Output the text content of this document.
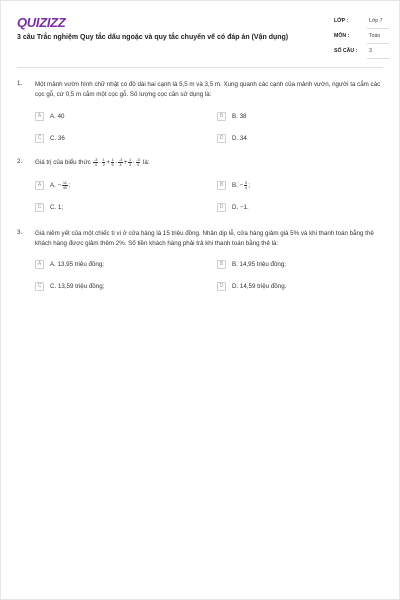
QUIZIZZ
3 câu Trắc nghiệm Quy tắc dấu ngoặc và quy tắc chuyển vế có đáp án (Vận dụng)
LỚP :	Lớp 7
MÔN :	Toán
SỐ CÂU :	3
1. Một mảnh vườn hình chữ nhật có độ dài hai cạnh là 5,5 m và 3,5 m. Xung quanh các cạnh của mảnh vườn, người ta cắm các cọc gỗ, cứ 0,5 m cắm một cọc gỗ. Số lượng cọc cần sử dụng là:
A	A. 40	B	B. 38
C	C. 36	D	D. 34
2. Giá trị của biểu thức $\frac{-3}{4} \cdot \frac{1}{2} + \frac{1}{6} \cdot \frac{-3}{4} + \frac{1}{3} \cdot \frac{-3}{4}$ là:
A	A. − $\frac{11}{40}$ ;	B	B. − $\frac{3}{4}$ ;
C	C. 1;	D	D. −1.
3. Giá niêm yết của một chiếc tí vi ở cửa hàng là 15 triệu đồng. Nhân dịp lễ, cửa hàng giảm giá 5% và khi thanh toán bằng thẻ khách hàng được giảm thêm 2%. Số tiền khách hàng phải trả khi thanh toán bằng thẻ là:
A	A. 13,95 triệu đồng;	B	B. 14,95 triệu đồng;
C	C. 13,59 triệu đồng;	D	D. 14,59 triệu đồng.
